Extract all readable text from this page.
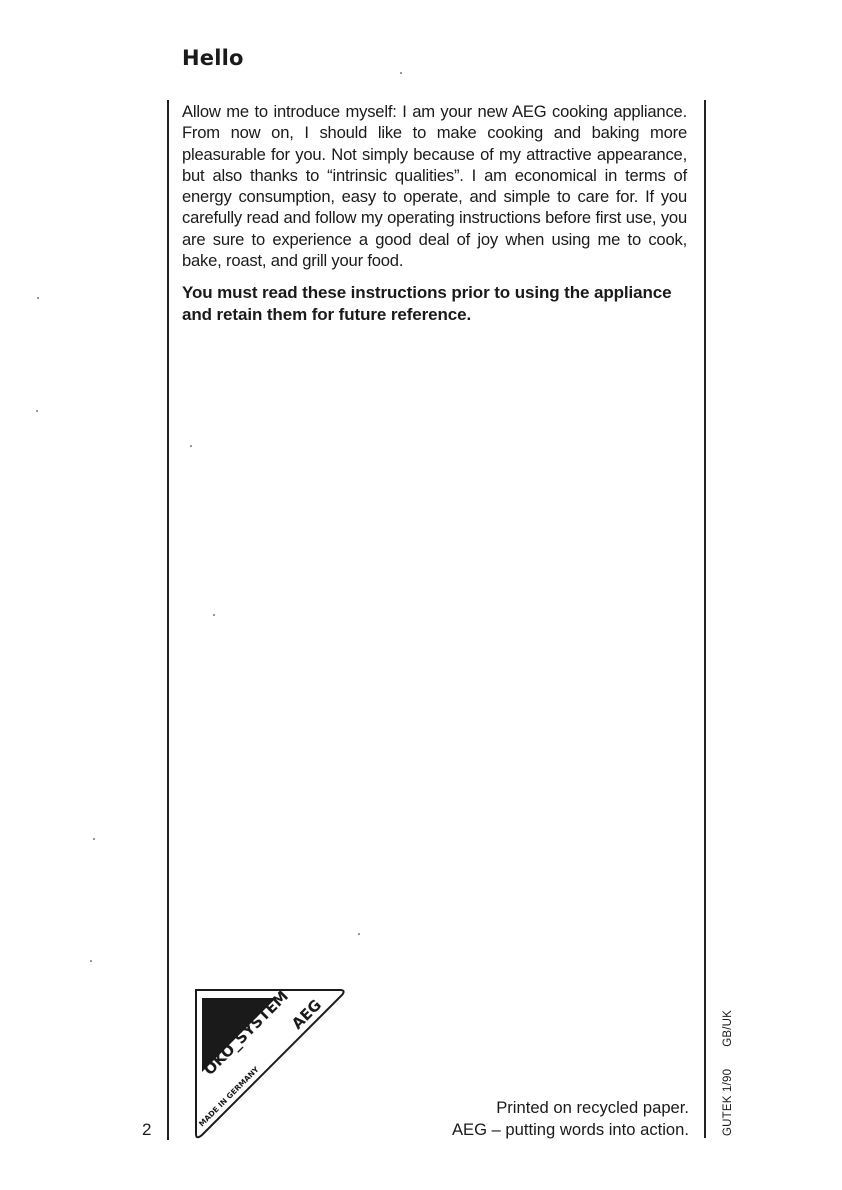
Hello

Allow me to introduce myself: I am your new AEG cooking appliance. From now on, I should like to make cooking and baking more pleasurable for you. Not simply because of my attractive appearance, but also thanks to “intrinsic qualities”. I am economical in terms of energy consumption, easy to operate, and simple to care for. If you carefully read and follow my operating instructions before first use, you are sure to experience a good deal of joy when using me to cook, bake, roast, and grill your food.

You must read these instructions prior to using the appliance and retain them for future reference.

ÖKO_SYSTEM
AEG
MADE IN GERMANY	Printed on recycled paper.
AEG – putting words into action.
2	GUTEK 1/90GB/UK
